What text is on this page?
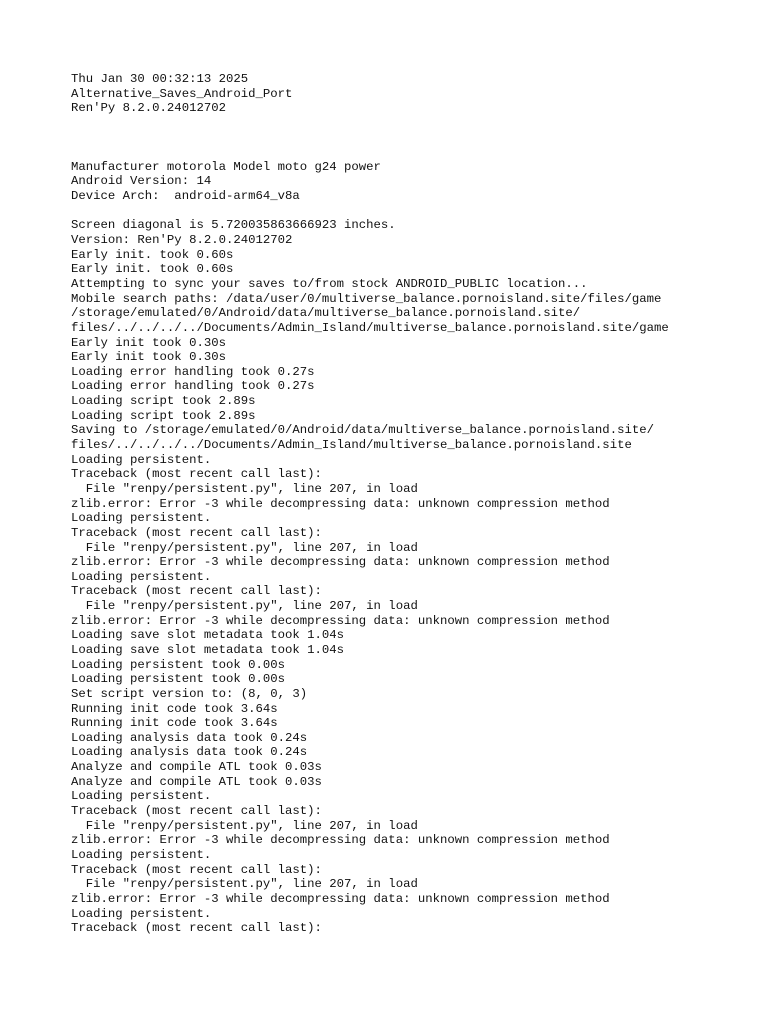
Thu Jan 30 00:32:13 2025
Alternative_Saves_Android_Port
Ren'Py 8.2.0.24012702
Manufacturer motorola Model moto g24 power
Android Version: 14
Device Arch:  android-arm64_v8a
Screen diagonal is 5.720035863666923 inches.
Version: Ren'Py 8.2.0.24012702
Early init. took 0.60s
Early init. took 0.60s
Attempting to sync your saves to/from stock ANDROID_PUBLIC location...
Mobile search paths: /data/user/0/multiverse_balance.pornoisland.site/files/game
/storage/emulated/0/Android/data/multiverse_balance.pornoisland.site/
files/../../../../Documents/Admin_Island/multiverse_balance.pornoisland.site/game
Early init took 0.30s
Early init took 0.30s
Loading error handling took 0.27s
Loading error handling took 0.27s
Loading script took 2.89s
Loading script took 2.89s
Saving to /storage/emulated/0/Android/data/multiverse_balance.pornoisland.site/
files/../../../../Documents/Admin_Island/multiverse_balance.pornoisland.site
Loading persistent.
Traceback (most recent call last):
File "renpy/persistent.py", line 207, in load
zlib.error: Error -3 while decompressing data: unknown compression method
Loading persistent.
Traceback (most recent call last):
File "renpy/persistent.py", line 207, in load
zlib.error: Error -3 while decompressing data: unknown compression method
Loading persistent.
Traceback (most recent call last):
File "renpy/persistent.py", line 207, in load
zlib.error: Error -3 while decompressing data: unknown compression method
Loading save slot metadata took 1.04s
Loading save slot metadata took 1.04s
Loading persistent took 0.00s
Loading persistent took 0.00s
Set script version to: (8, 0, 3)
Running init code took 3.64s
Running init code took 3.64s
Loading analysis data took 0.24s
Loading analysis data took 0.24s
Analyze and compile ATL took 0.03s
Analyze and compile ATL took 0.03s
Loading persistent.
Traceback (most recent call last):
File "renpy/persistent.py", line 207, in load
zlib.error: Error -3 while decompressing data: unknown compression method
Loading persistent.
Traceback (most recent call last):
File "renpy/persistent.py", line 207, in load
zlib.error: Error -3 while decompressing data: unknown compression method
Loading persistent.
Traceback (most recent call last):
